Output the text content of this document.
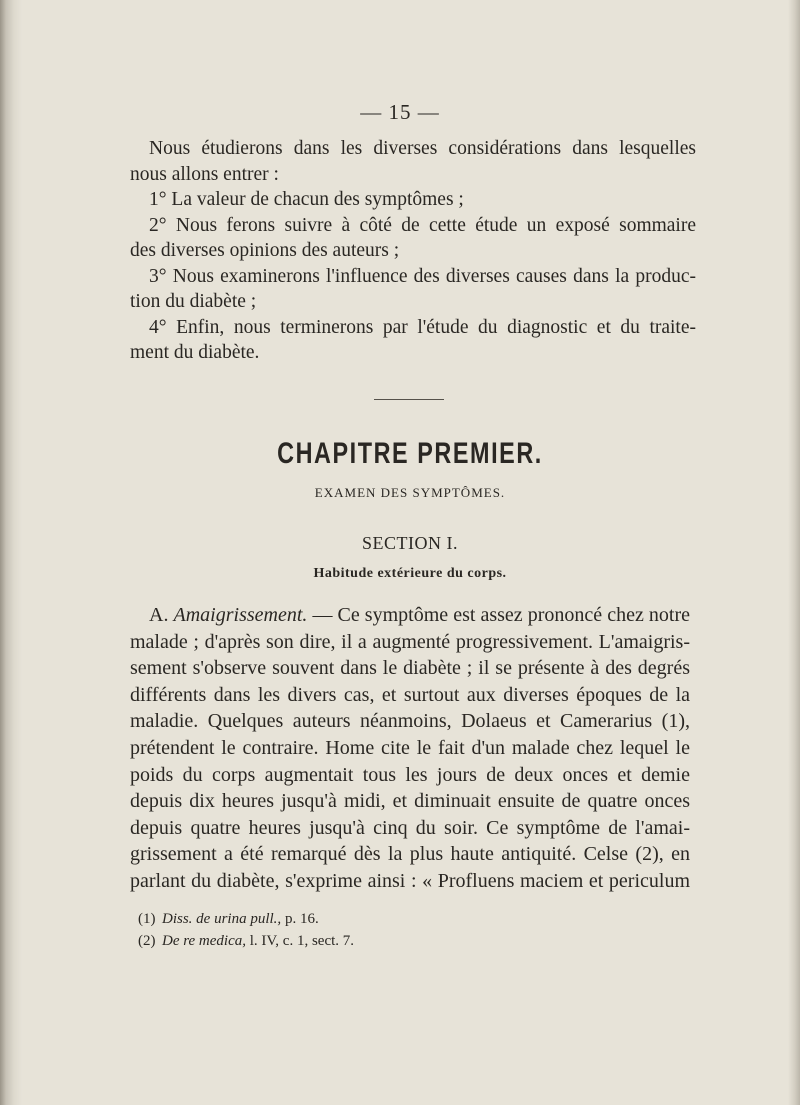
— 15 —
Nous étudierons dans les diverses considérations dans lesquelles
nous allons entrer :
1° La valeur de chacun des symptômes ;
2° Nous ferons suivre à côté de cette étude un exposé sommaire
des diverses opinions des auteurs ;
3° Nous examinerons l'influence des diverses causes dans la produc-
tion du diabète ;
4° Enfin, nous terminerons par l'étude du diagnostic et du traite-
ment du diabète.
CHAPITRE PREMIER.
EXAMEN DES SYMPTÔMES.
SECTION I.
Habitude extérieure du corps.
A. Amaigrissement. — Ce symptôme est assez prononcé chez notre
malade ; d'après son dire, il a augmenté progressivement. L'amaigris-
sement s'observe souvent dans le diabète ; il se présente à des degrés
différents dans les divers cas, et surtout aux diverses époques de la
maladie. Quelques auteurs néanmoins, Dolaeus et Camerarius (1),
prétendent le contraire. Home cite le fait d'un malade chez lequel le
poids du corps augmentait tous les jours de deux onces et demie
depuis dix heures jusqu'à midi, et diminuait ensuite de quatre onces
depuis quatre heures jusqu'à cinq du soir. Ce symptôme de l'amai-
grissement a été remarqué dès la plus haute antiquité. Celse (2), en
parlant du diabète, s'exprime ainsi : « Profluens maciem et periculum
(1) Diss. de urina pull., p. 16.
(2) De re medica, l. IV, c. 1, sect. 7.
